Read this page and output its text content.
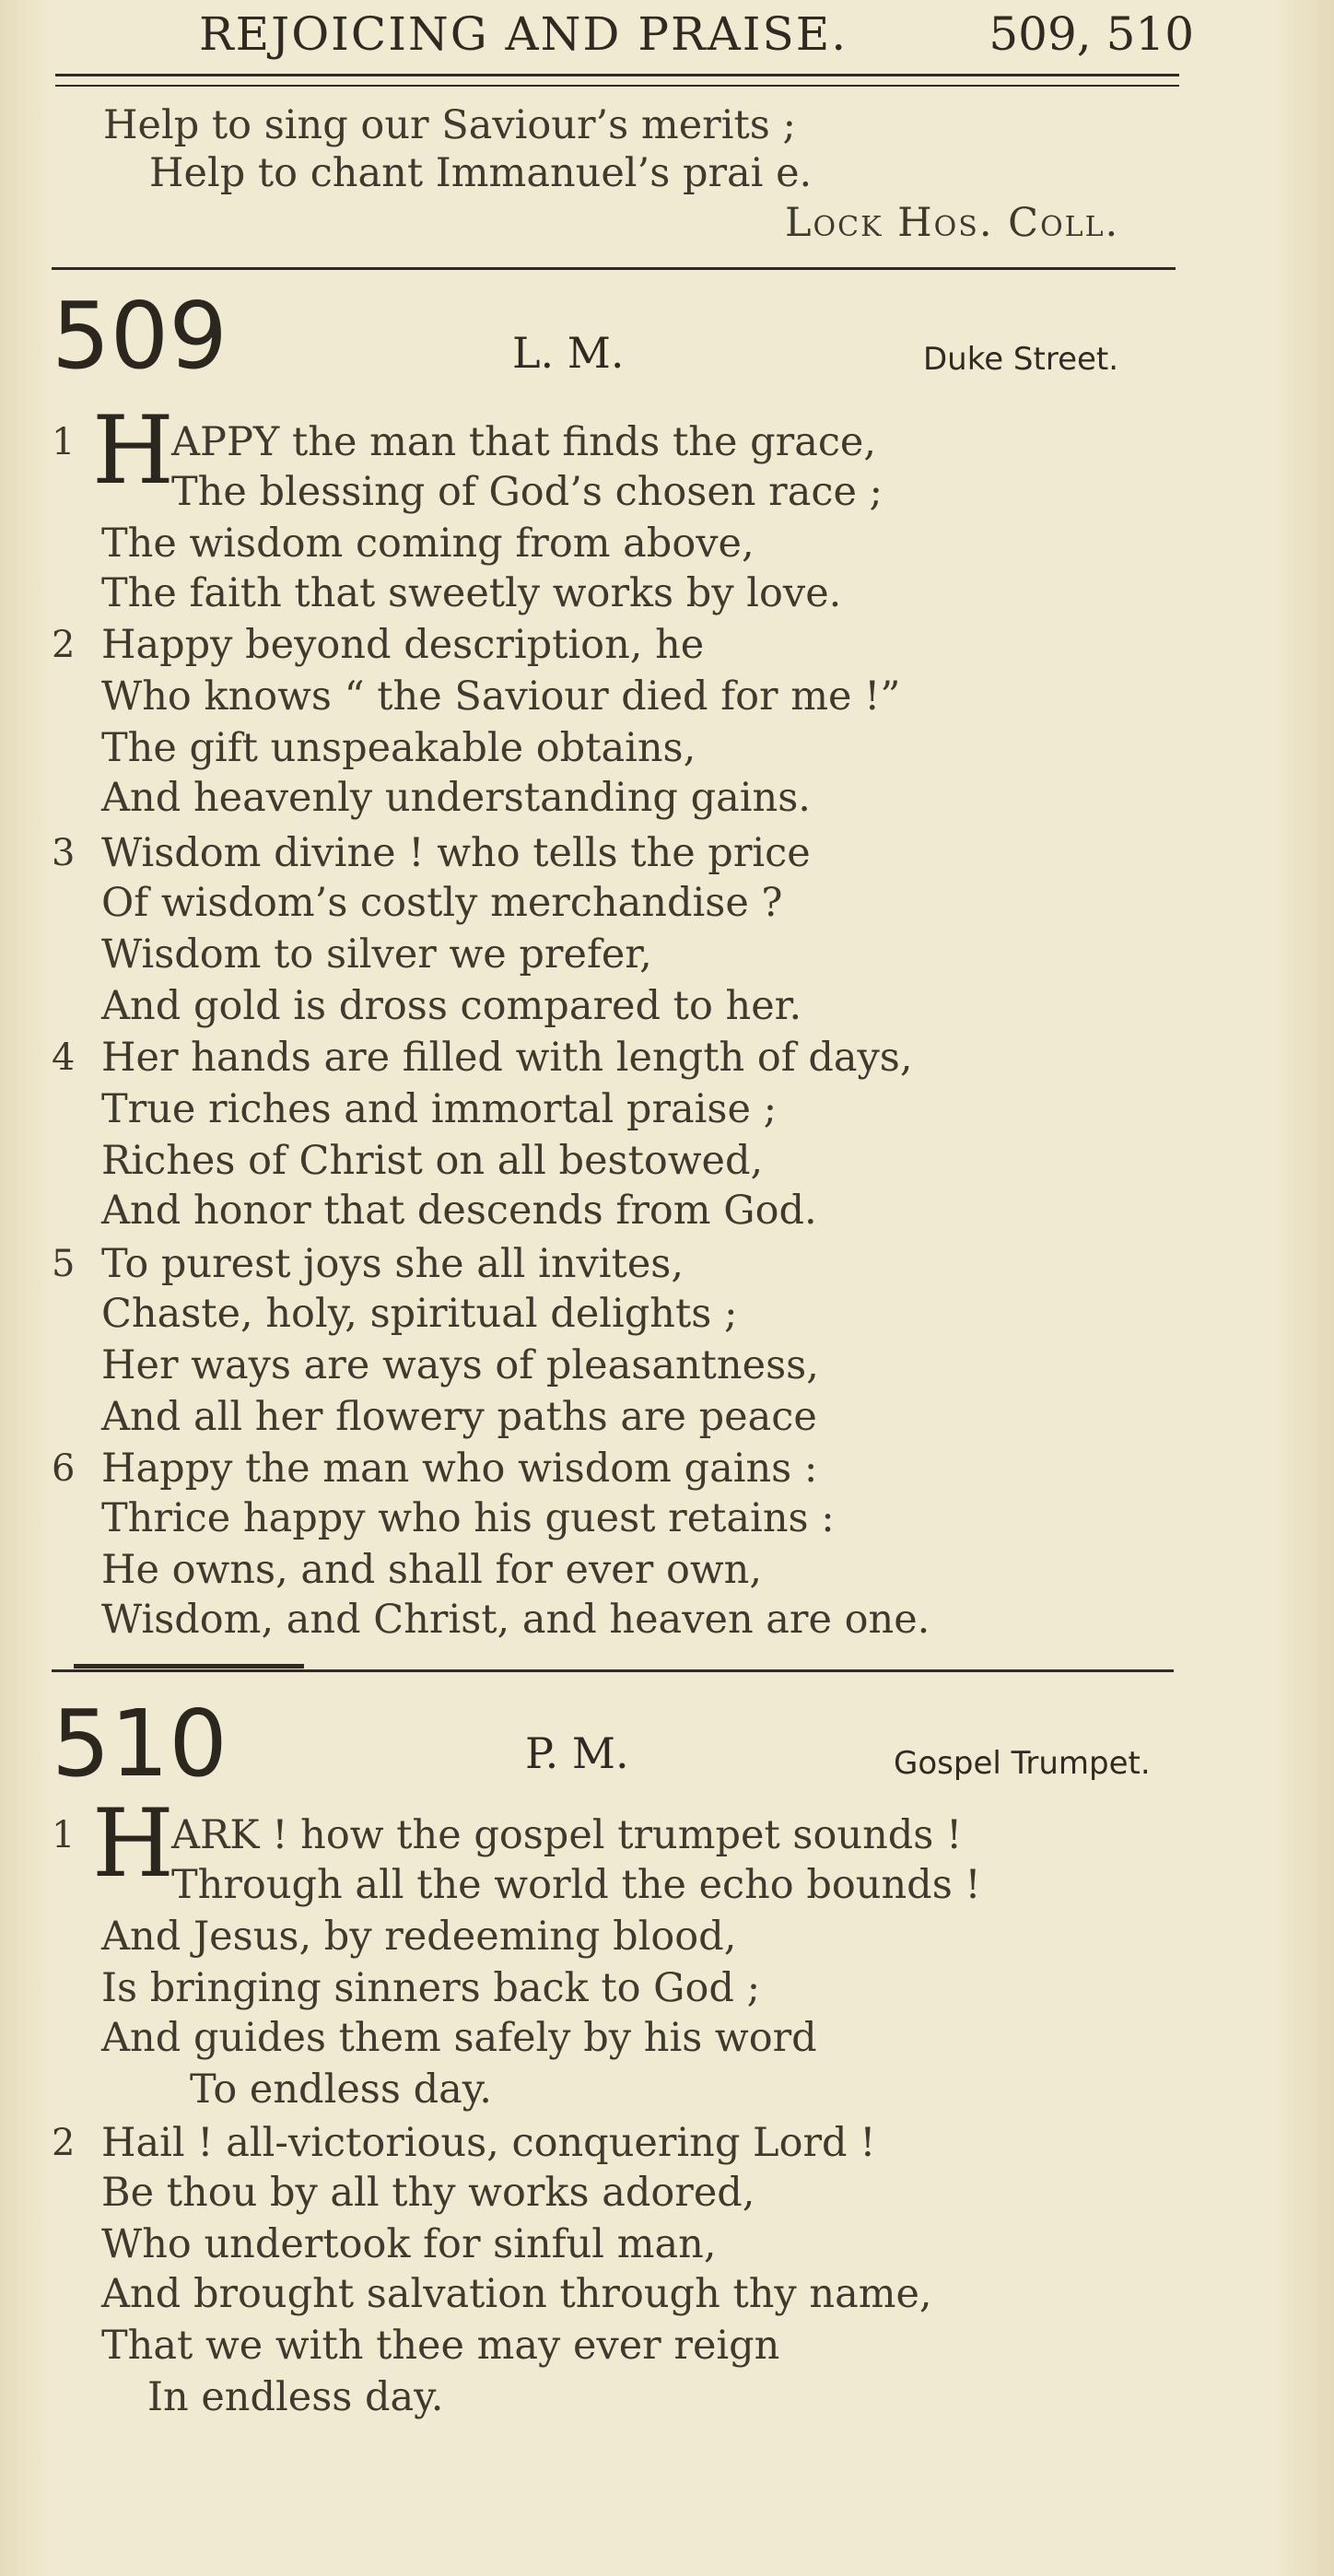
REJOICING AND PRAISE.	509, 510
Help to sing our Saviour’s merits ;
Help to chant Immanuel’s prai e.
Lock Hos. Coll.
509	L. M.	Duke Street.
1 H
APPY the man that finds the grace,
The blessing of God’s chosen race ;
The wisdom coming from above,
The faith that sweetly works by love.
2 Happy beyond description, he
Who knows “ the Saviour died for me !”
The gift unspeakable obtains,
And heavenly understanding gains.
3 Wisdom divine ! who tells the price
Of wisdom’s costly merchandise ?
Wisdom to silver we prefer,
And gold is dross compared to her.
4 Her hands are filled with length of days,
True riches and immortal praise ;
Riches of Christ on all bestowed,
And honor that descends from God.
5 To purest joys she all invites,
Chaste, holy, spiritual delights ;
Her ways are ways of pleasantness,
And all her flowery paths are peace
6 Happy the man who wisdom gains :
Thrice happy who his guest retains :
He owns, and shall for ever own,
Wisdom, and Christ, and heaven are one.
510	P. M.	Gospel Trumpet.
1 H
ARK ! how the gospel trumpet sounds !
Through all the world the echo bounds !
And Jesus, by redeeming blood,
Is bringing sinners back to God ;
And guides them safely by his word
To endless day.
2 Hail ! all-victorious, conquering Lord !
Be thou by all thy works adored,
Who undertook for sinful man,
And brought salvation through thy name,
That we with thee may ever reign
In endless day.
